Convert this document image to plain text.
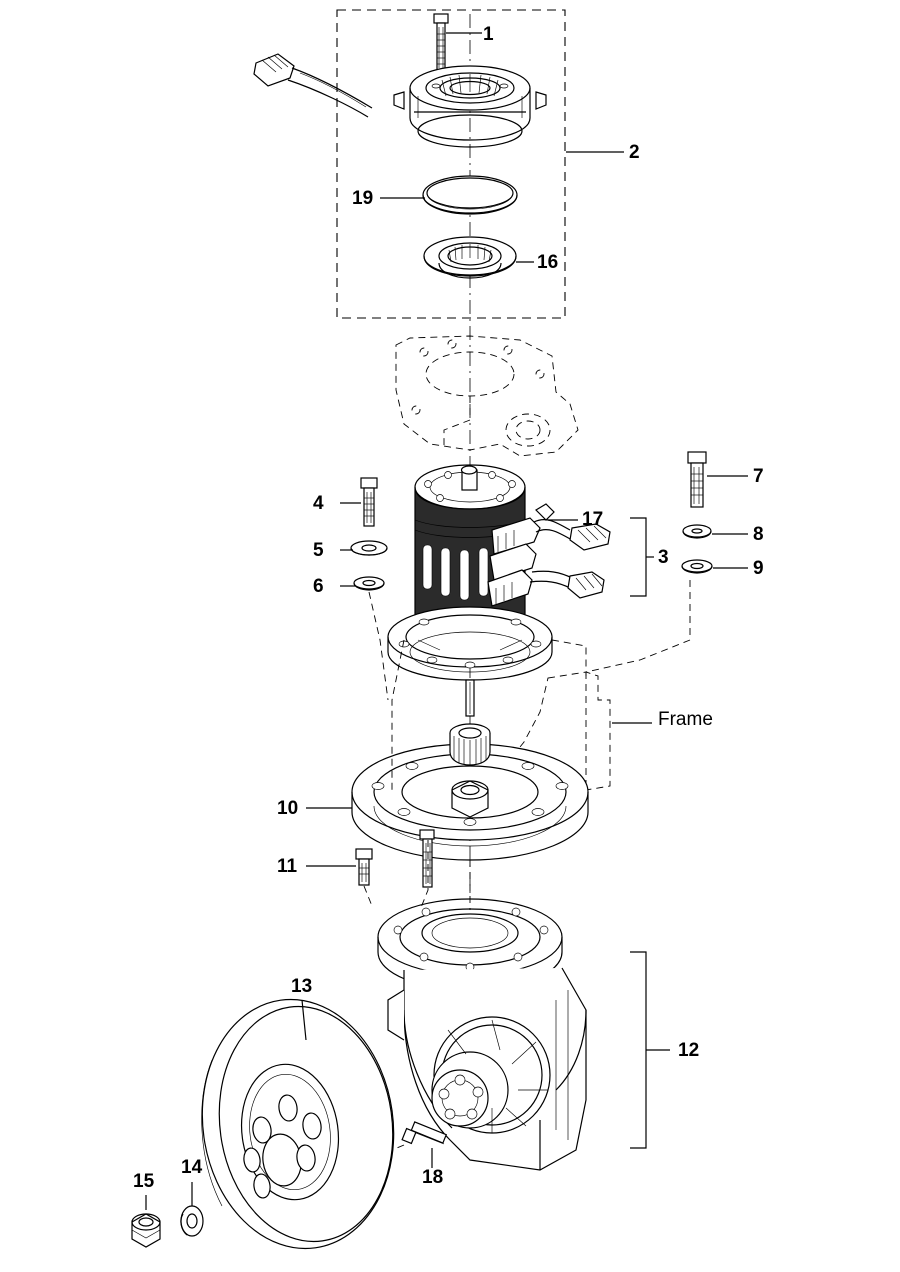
1
2
19
16
4
5
6
7
8
9
17
3
10
11
12
13
14
15	18
Frame
